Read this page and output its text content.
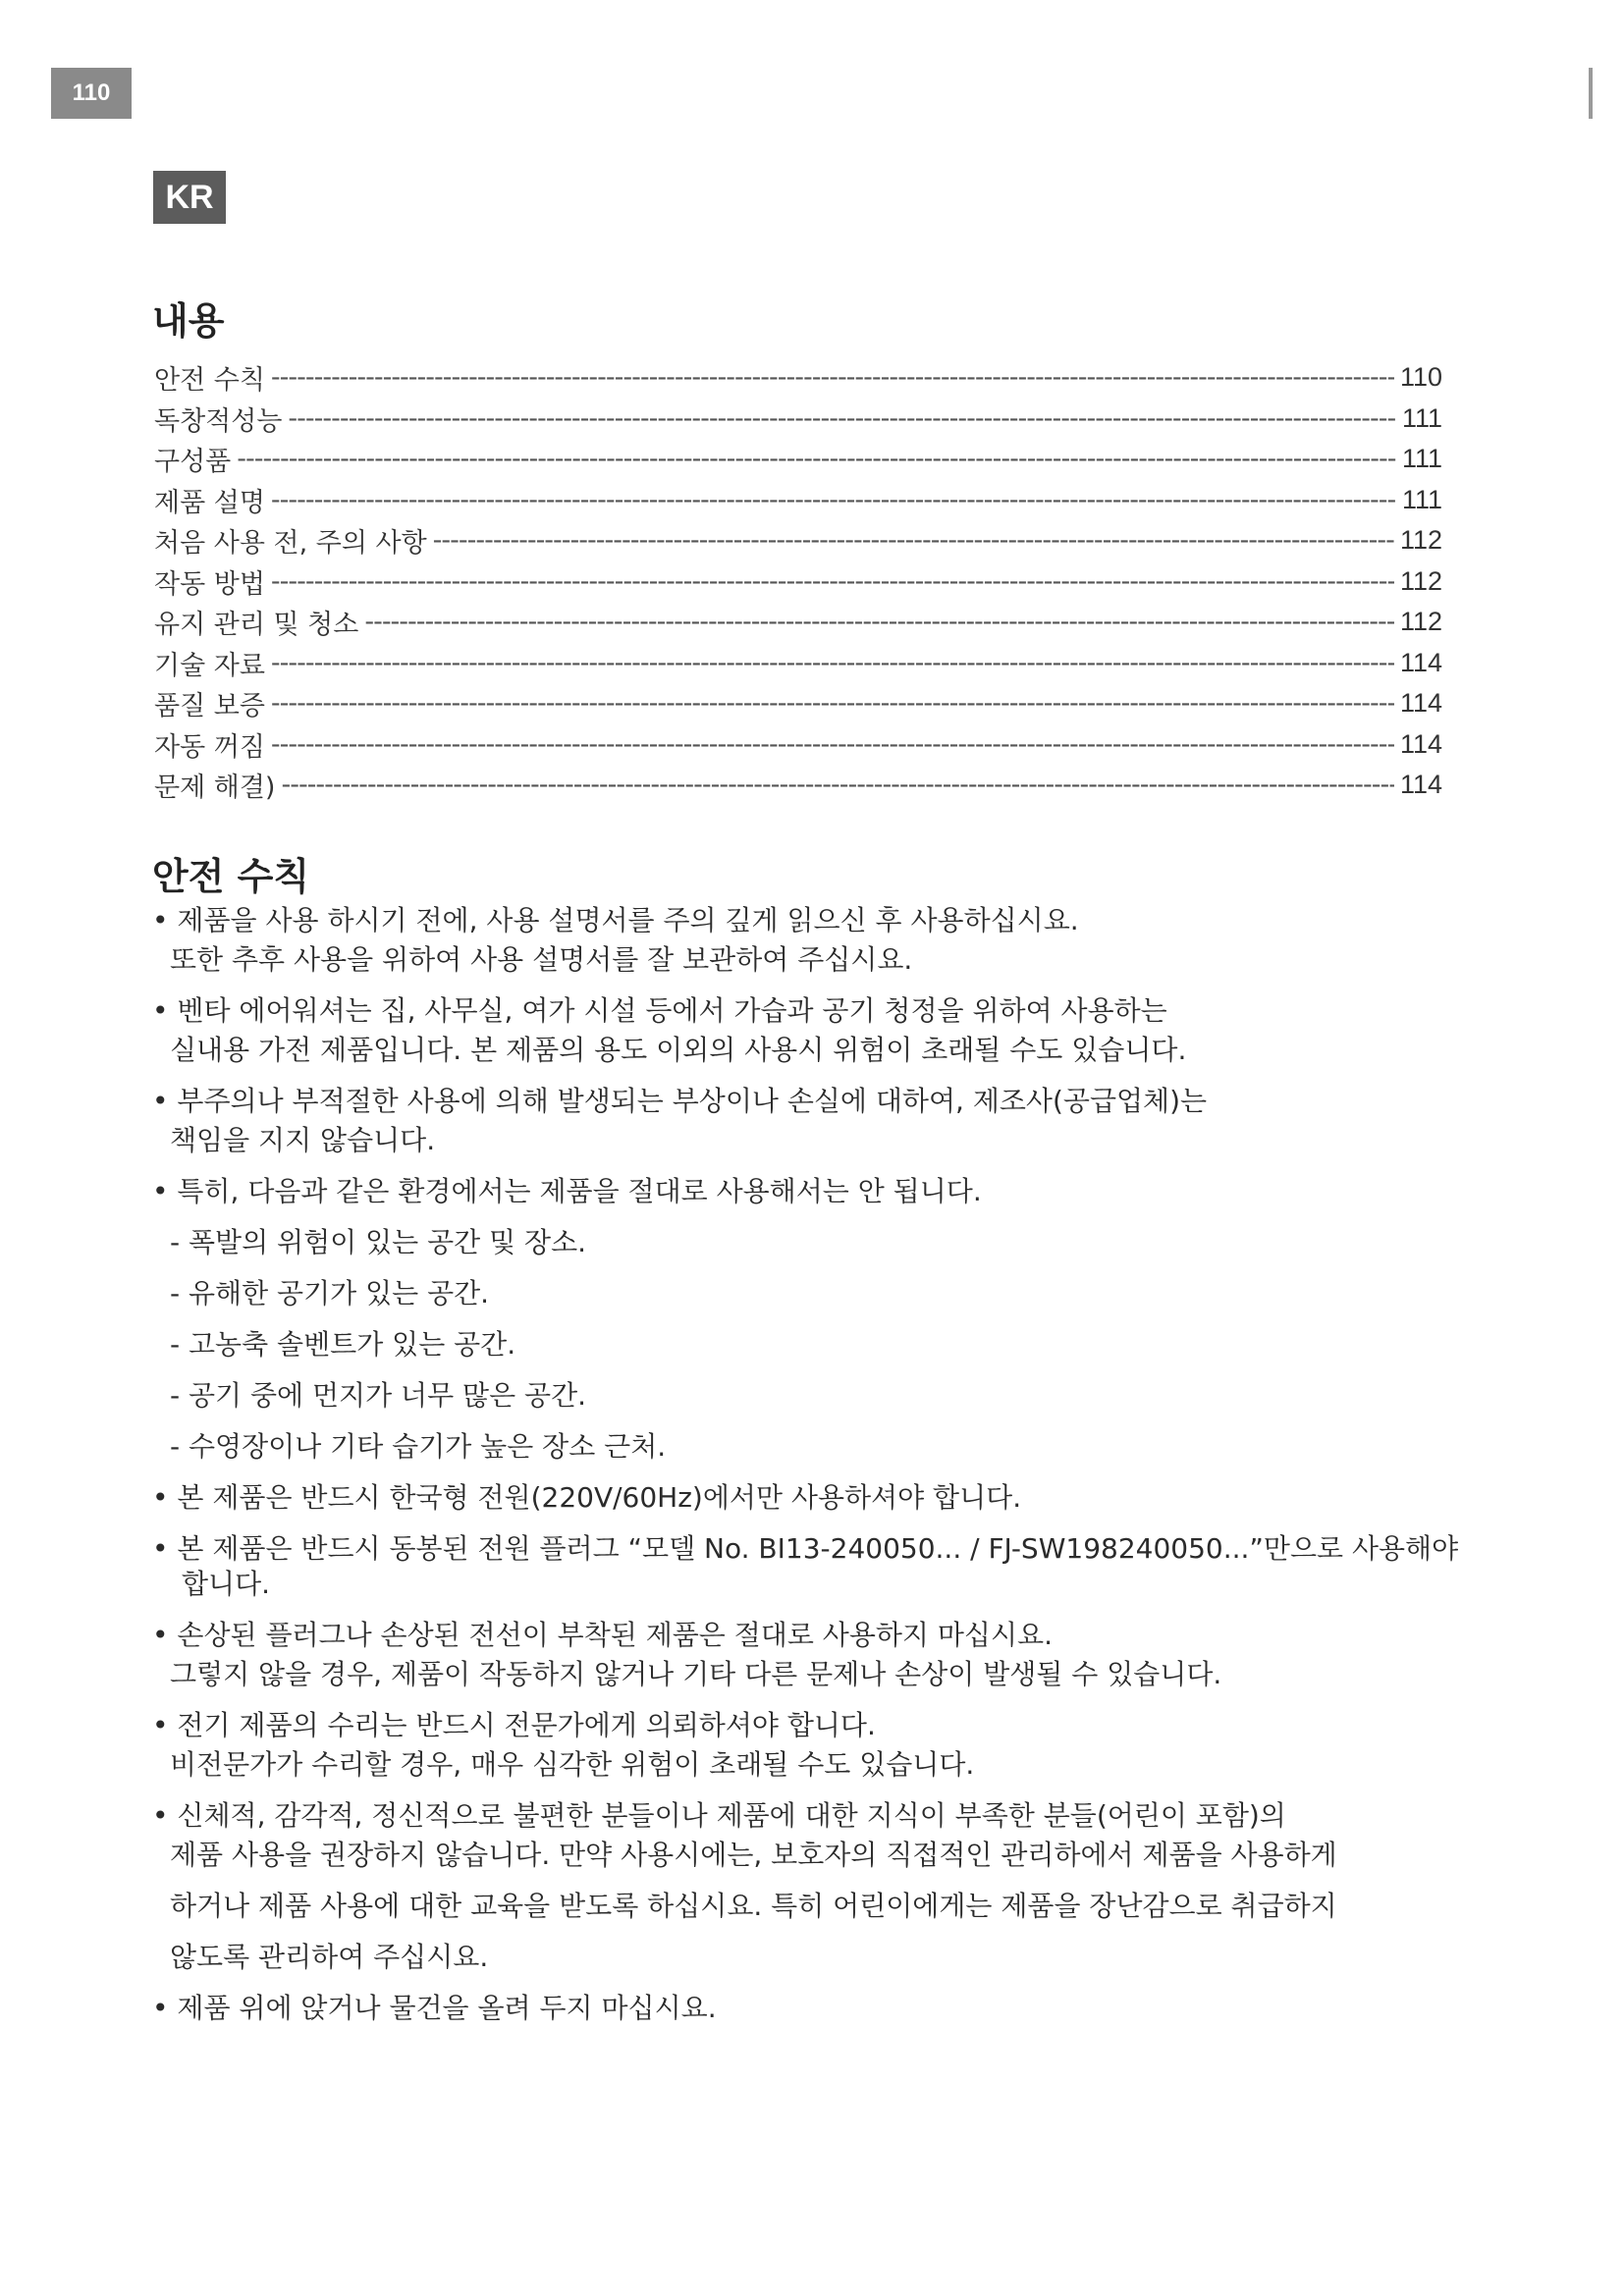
110
KR
내용
안전 수칙 -----	110
독창적성능 -----	111
구성품 -----	111
제품 설명 -----	111
처음 사용 전, 주의 사항 -----	112
작동 방법 -----	112
유지 관리 및 청소 -----	112
기술 자료 -----	114
품질 보증 -----	114
자동 꺼짐 -----	114
문제 해결) -----	114
안전 수칙

• 제품을 사용 하시기 전에, 사용 설명서를 주의 깊게 읽으신 후 사용하십시요.

또한 추후 사용을 위하여 사용 설명서를 잘 보관하여 주십시요.

• 벤타 에어워셔는 집, 사무실, 여가 시설 등에서 가습과 공기 청정을 위하여 사용하는

실내용 가전 제품입니다. 본 제품의 용도 이외의 사용시 위험이 초래될 수도 있습니다.

• 부주의나 부적절한 사용에 의해 발생되는 부상이나 손실에 대하여, 제조사(공급업체)는

책임을 지지 않습니다.

• 특히, 다음과 같은 환경에서는 제품을 절대로 사용해서는 안 됩니다.

- 폭발의 위험이 있는 공간 및 장소.

- 유해한 공기가 있는 공간.

- 고농축 솔벤트가 있는 공간.

- 공기 중에 먼지가 너무 많은 공간.

- 수영장이나 기타 습기가 높은 장소 근처.

• 본 제품은 반드시 한국형 전원(220V/60Hz)에서만 사용하셔야 합니다.

• 본 제품은 반드시 동봉된 전원 플러그 “모델 No. BI13-240050... / FJ-SW198240050...”만으로 사용해야 합니다.

• 손상된 플러그나 손상된 전선이 부착된 제품은 절대로 사용하지 마십시요.

그렇지 않을 경우, 제품이 작동하지 않거나 기타 다른 문제나 손상이 발생될 수 있습니다.

• 전기 제품의 수리는 반드시 전문가에게 의뢰하셔야 합니다.

비전문가가 수리할 경우, 매우 심각한 위험이 초래될 수도 있습니다.

• 신체적, 감각적, 정신적으로 불편한 분들이나 제품에 대한 지식이 부족한 분들(어린이 포함)의

제품 사용을 권장하지 않습니다. 만약 사용시에는, 보호자의 직접적인 관리하에서 제품을 사용하게

하거나 제품 사용에 대한 교육을 받도록 하십시요. 특히 어린이에게는 제품을 장난감으로 취급하지

않도록 관리하여 주십시요.

• 제품 위에 앉거나 물건을 올려 두지 마십시요.
